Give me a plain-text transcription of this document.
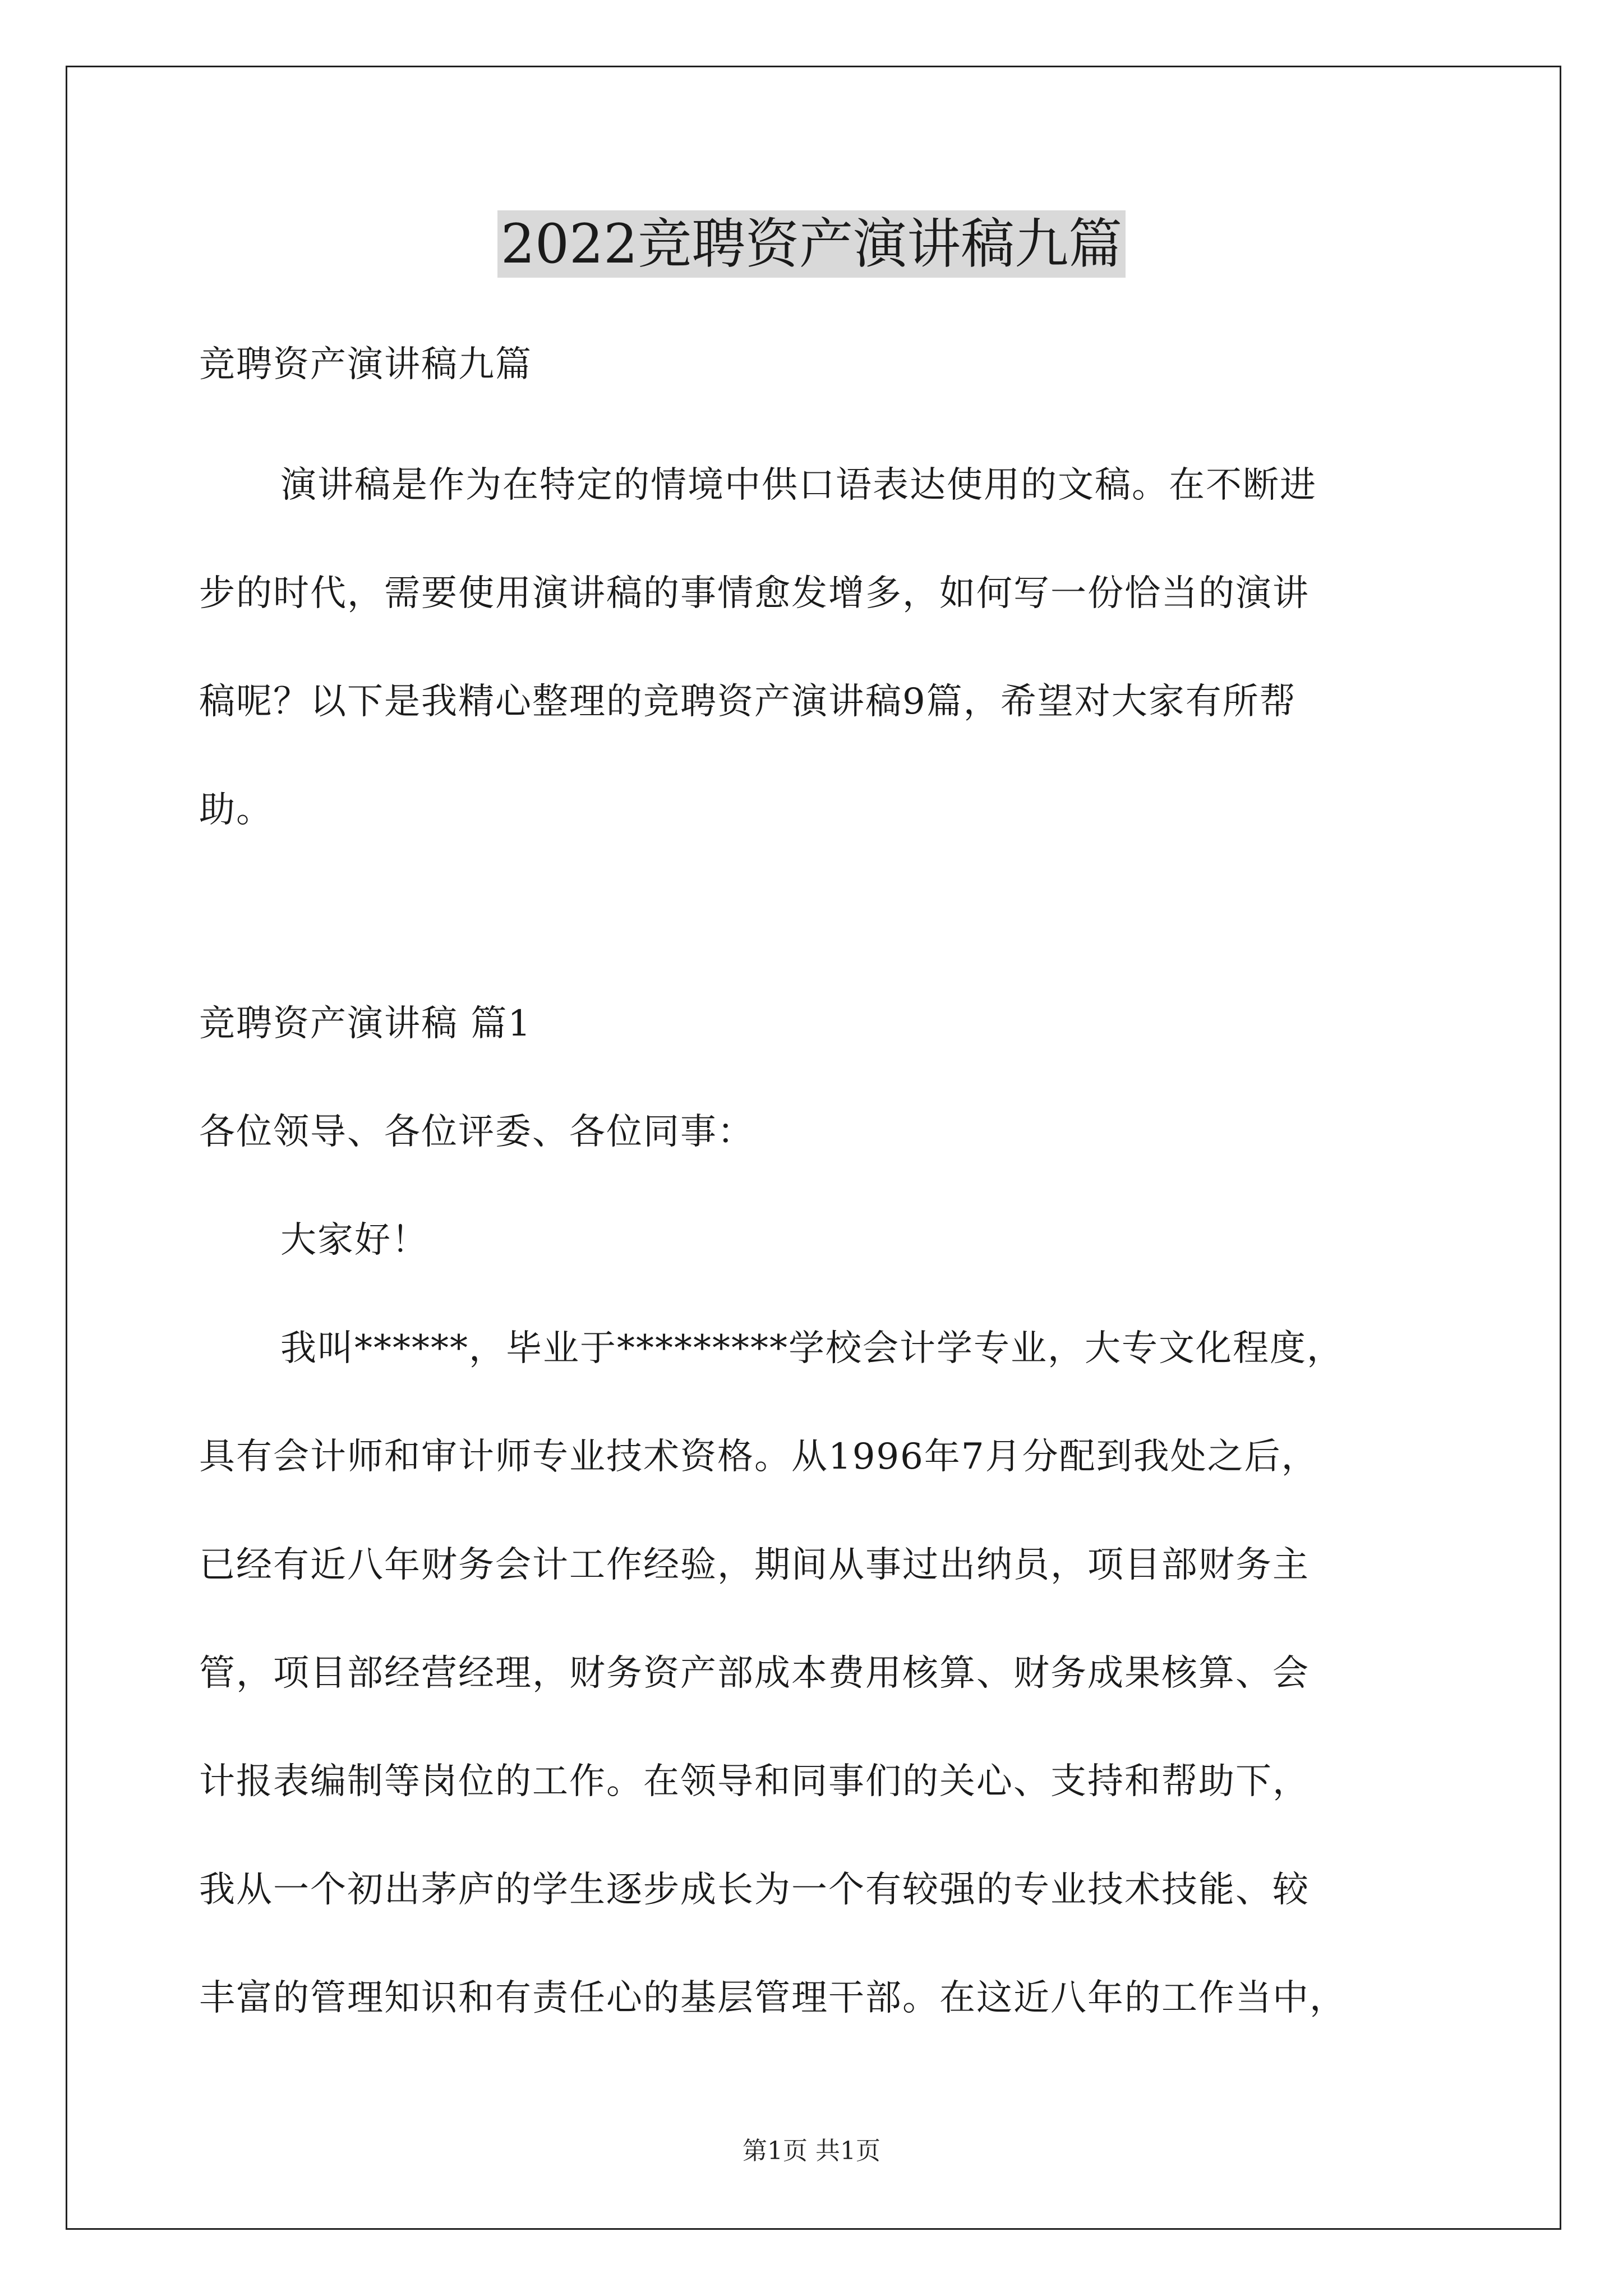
2022竞聘资产演讲稿九篇
竞聘资产演讲稿九篇
演讲稿是作为在特定的情境中供口语表达使用的文稿。在不断进
步的时代，需要使用演讲稿的事情愈发增多，如何写一份恰当的演讲
稿呢？以下是我精心整理的竞聘资产演讲稿9篇，希望对大家有所帮
助。
竞聘资产演讲稿 篇1
各位领导、各位评委、各位同事：
大家好！
我叫******，毕业于*********学校会计学专业，大专文化程度，
具有会计师和审计师专业技术资格。从1996年7月分配到我处之后，
已经有近八年财务会计工作经验，期间从事过出纳员，项目部财务主
管，项目部经营经理，财务资产部成本费用核算、财务成果核算、会
计报表编制等岗位的工作。在领导和同事们的关心、支持和帮助下，
我从一个初出茅庐的学生逐步成长为一个有较强的专业技术技能、较
丰富的管理知识和有责任心的基层管理干部。在这近八年的工作当中，
第1页 共1页
